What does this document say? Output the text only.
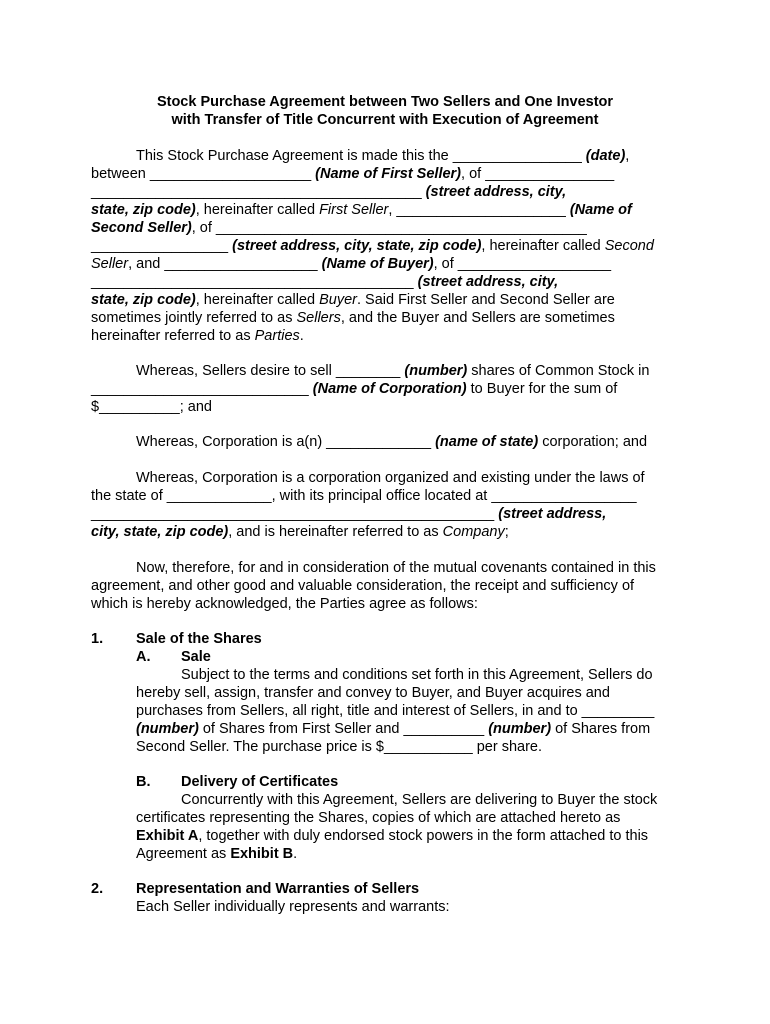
Stock Purchase Agreement between Two Sellers and One Investor
with Transfer of Title Concurrent with Execution of Agreement
This Stock Purchase Agreement is made this the ________________ (date),
between ____________________ (Name of First Seller), of ________________
_________________________________________ (street address, city,
state, zip code), hereinafter called First Seller, _____________________ (Name of
Second Seller), of ______________________________________________
_________________ (street address, city, state, zip code), hereinafter called Second
Seller, and ___________________ (Name of Buyer), of ___________________
________________________________________ (street address, city,
state, zip code), hereinafter called Buyer. Said First Seller and Second Seller are
sometimes jointly referred to as Sellers, and the Buyer and Sellers are sometimes
hereinafter referred to as Parties.
Whereas, Sellers desire to sell ________ (number) shares of Common Stock in
___________________________ (Name of Corporation) to Buyer for the sum of
$__________; and
Whereas, Corporation is a(n) _____________ (name of state) corporation; and
Whereas, Corporation is a corporation organized and existing under the laws of
the state of _____________, with its principal office located at __________________
__________________________________________________ (street address,
city, state, zip code), and is hereinafter referred to as Company;
Now, therefore, for and in consideration of the mutual covenants contained in this
agreement, and other good and valuable consideration, the receipt and sufficiency of
which is hereby acknowledged, the Parties agree as follows:
1. Sale of the Shares
A. Sale
Subject to the terms and conditions set forth in this Agreement, Sellers do
hereby sell, assign, transfer and convey to Buyer, and Buyer acquires and
purchases from Sellers, all right, title and interest of Sellers, in and to _________
(number) of Shares from First Seller and __________ (number) of Shares from
Second Seller. The purchase price is $___________ per share.
B. Delivery of Certificates
Concurrently with this Agreement, Sellers are delivering to Buyer the stock
certificates representing the Shares, copies of which are attached hereto as
Exhibit A, together with duly endorsed stock powers in the form attached to this
Agreement as Exhibit B.
2. Representation and Warranties of Sellers
Each Seller individually represents and warrants:
